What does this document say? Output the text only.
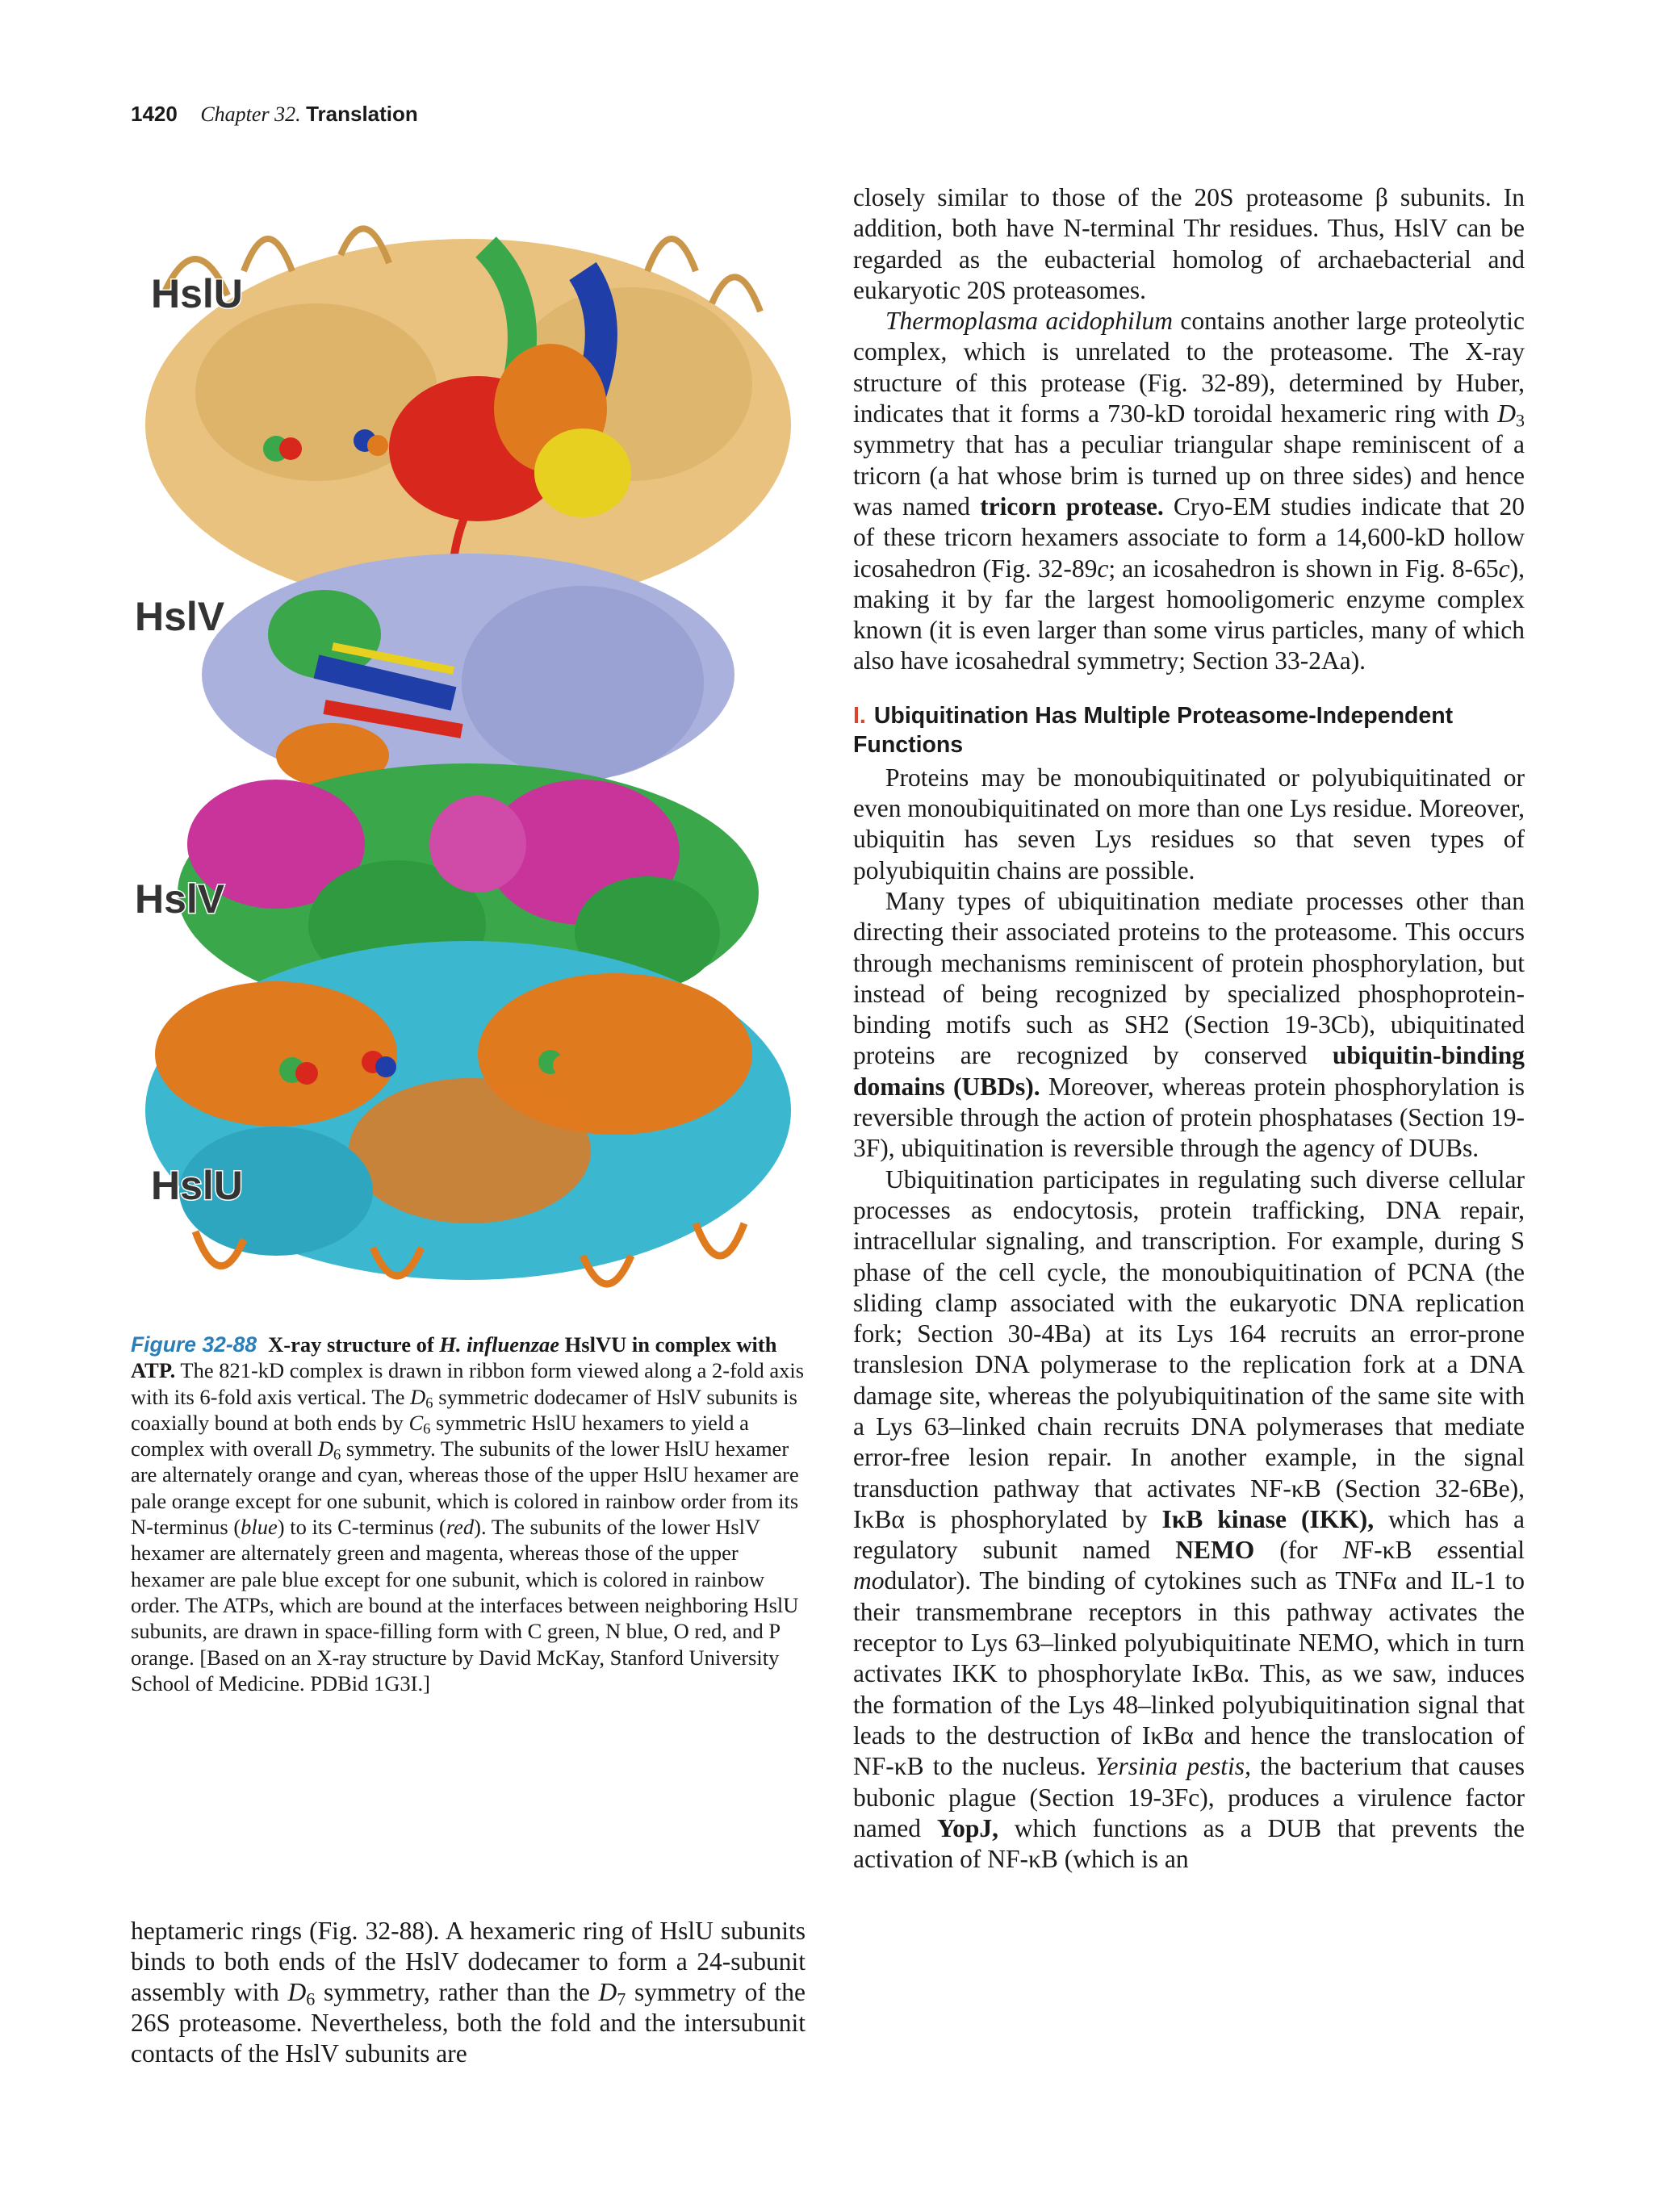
1420 Chapter 32. Translation
HslU
HslV
HslV
HslU
Figure 32-88 X-ray structure of H. influenzae HslVU in complex with ATP. The 821-kD complex is drawn in ribbon form viewed along a 2-fold axis with its 6-fold axis vertical. The $D_6$ symmetric dodecamer of HslV subunits is coaxially bound at both ends by $C_6$ symmetric HslU hexamers to yield a complex with overall $D_6$ symmetry. The subunits of the lower HslU hexamer are alternately orange and cyan, whereas those of the upper HslU hexamer are pale orange except for one subunit, which is colored in rainbow order from its N-terminus (blue) to its C-terminus (red). The subunits of the lower HslV hexamer are alternately green and magenta, whereas those of the upper hexamer are pale blue except for one subunit, which is colored in rainbow order. The ATPs, which are bound at the interfaces between neighboring HslU subunits, are drawn in space-filling form with C green, N blue, O red, and P orange. [Based on an X-ray structure by David McKay, Stanford University School of Medicine. PDBid 1G3I.]
heptameric rings (Fig. 32-88). A hexameric ring of HslU subunits binds to both ends of the HslV dodecamer to form a 24-subunit assembly with $D_6$ symmetry, rather than the $D_7$ symmetry of the 26S proteasome. Nevertheless, both the fold and the intersubunit contacts of the HslV subunits are

closely similar to those of the 20S proteasome β subunits. In addition, both have N-terminal Thr residues. Thus, HslV can be regarded as the eubacterial homolog of archaebacterial and eukaryotic 20S proteasomes.

Thermoplasma acidophilum contains another large proteolytic complex, which is unrelated to the proteasome. The X-ray structure of this protease (Fig. 32-89), determined by Huber, indicates that it forms a 730-kD toroidal hexameric ring with $D_3$ symmetry that has a peculiar triangular shape reminiscent of a tricorn (a hat whose brim is turned up on three sides) and hence was named tricorn protease. Cryo-EM studies indicate that 20 of these tricorn hexamers associate to form a 14,600-kD hollow icosahedron (Fig. 32-89c; an icosahedron is shown in Fig. 8-65c), making it by far the largest homooligomeric enzyme complex known (it is even larger than some virus particles, many of which also have icosahedral symmetry; Section 33-2Aa).

I. Ubiquitination Has Multiple Proteasome-Independent Functions

Proteins may be monoubiquitinated or polyubiquitinated or even monoubiquitinated on more than one Lys residue. Moreover, ubiquitin has seven Lys residues so that seven types of polyubiquitin chains are possible.

Many types of ubiquitination mediate processes other than directing their associated proteins to the proteasome. This occurs through mechanisms reminiscent of protein phosphorylation, but instead of being recognized by specialized phosphoprotein-binding motifs such as SH2 (Section 19-3Cb), ubiquitinated proteins are recognized by conserved ubiquitin-binding domains (UBDs). Moreover, whereas protein phosphorylation is reversible through the action of protein phosphatases (Section 19-3F), ubiquitination is reversible through the agency of DUBs.

Ubiquitination participates in regulating such diverse cellular processes as endocytosis, protein trafficking, DNA repair, intracellular signaling, and transcription. For example, during S phase of the cell cycle, the monoubiquitination of PCNA (the sliding clamp associated with the eukaryotic DNA replication fork; Section 30-4Ba) at its Lys 164 recruits an error-prone translesion DNA polymerase to the replication fork at a DNA damage site, whereas the polyubiquitination of the same site with a Lys 63–linked chain recruits DNA polymerases that mediate error-free lesion repair. In another example, in the signal transduction pathway that activates NF-κB (Section 32-6Be), IκBα is phosphorylated by IκB kinase (IKK), which has a regulatory subunit named NEMO (for NF-κB essential modulator). The binding of cytokines such as TNFα and IL-1 to their transmembrane receptors in this pathway activates the receptor to Lys 63–linked polyubiquitinate NEMO, which in turn activates IKK to phosphorylate IκBα. This, as we saw, induces the formation of the Lys 48–linked polyubiquitination signal that leads to the destruction of IκBα and hence the translocation of NF-κB to the nucleus. Yersinia pestis, the bacterium that causes bubonic plague (Section 19-3Fc), produces a virulence factor named YopJ, which functions as a DUB that prevents the activation of NF-κB (which is an
